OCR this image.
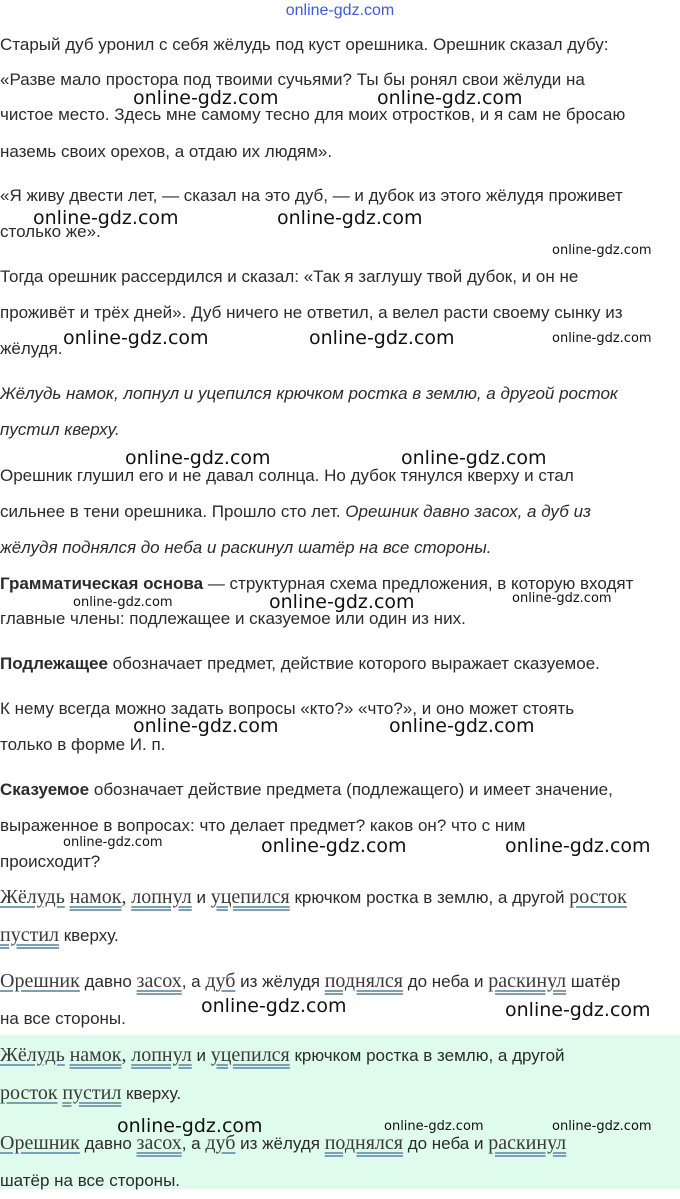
online-gdz.com

Старый дуб уронил с себя жёлудь под куст орешника. Орешник сказал дубу:

«Разве мало простора под твоими сучьями? Ты бы ронял свои жёлуди на

чистое место. Здесь мне самому тесно для моих отростков, и я сам не бросаю

наземь своих орехов, а отдаю их людям».

«Я живу двести лет, — сказал на это дуб, — и дубок из этого жёлудя проживет

столько же».

Тогда орешник рассердился и сказал: «Так я заглушу твой дубок, и он не

проживёт и трёх дней». Дуб ничего не ответил, а велел расти своему сынку из

жёлудя.

Жёлудь намок, лопнул и уцепился крючком ростка в землю, а другой росток

пустил кверху.

Орешник глушил его и не давал солнца. Но дубок тянулся кверху и стал

сильнее в тени орешника. Прошло сто лет. Орешник давно засох, а дуб из

жёлудя поднялся до неба и раскинул шатёр на все стороны.

Грамматическая основа — структурная схема предложения, в которую входят

главные члены: подлежащее и сказуемое или один из них.

Подлежащее обозначает предмет, действие которого выражает сказуемое.

К нему всегда можно задать вопросы «кто?» «что?», и оно может стоять

только в форме И. п.

Сказуемое обозначает действие предмета (подлежащего) и имеет значение,

выраженное в вопросах: что делает предмет? каков он? что с ним

происходит?

Жёлудь намок, лопнул и уцепился крючком ростка в землю, а другой росток

пустил кверху.

Орешник давно засох, а дуб из жёлудя поднялся до неба и раскинул шатёр

на все стороны.

Жёлудь намок, лопнул и уцепился крючком ростка в землю, а другой

росток пустил кверху.

Орешник давно засох, а дуб из жёлудя поднялся до неба и раскинул

шатёр на все стороны.

online-gdz.com	online-gdz.com
online-gdz.com	online-gdz.com
online-gdz.com
online-gdz.com	online-gdz.com	online-gdz.com
online-gdz.com	online-gdz.com
online-gdz.com	online-gdz.com	online-gdz.com
online-gdz.com	online-gdz.com
online-gdz.com	online-gdz.com	online-gdz.com
online-gdz.com	online-gdz.com
online-gdz.com	online-gdz.com	online-gdz.com
